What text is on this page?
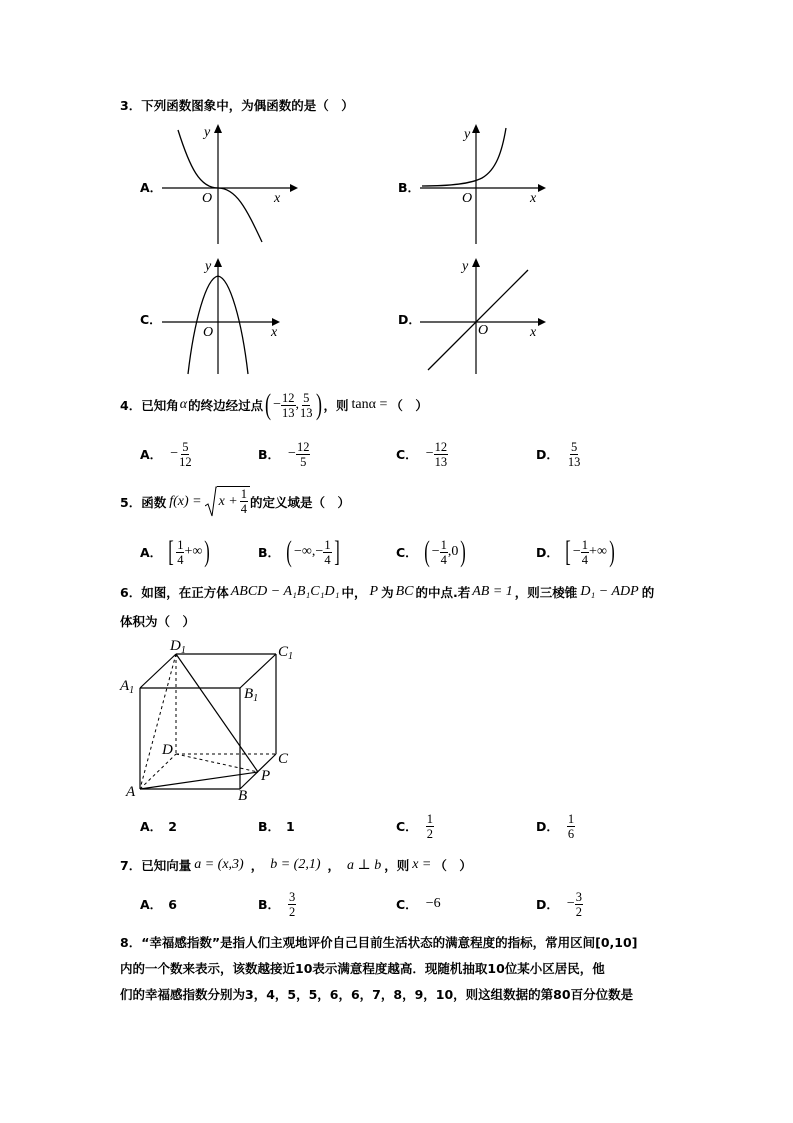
3．下列函数图象中，为偶函数的是（　）
A．
O	x
y
B．
O	x
y
C．
O	x
y
D．
O	x
y
4． 已知角 α 的终边经过点 ( − $\frac{12}{13}$ , $\frac{5}{13}$ ) ，则 tanα = （　）
A． − $\frac{5}{12}$	B． − $\frac{12}{5}$	C． − $\frac{12}{13}$	D． $\frac{5}{13}$
5． 函数 $f(x) = x + \frac{1}{4}$ 的定义域是（　）
A． [ $\frac{1}{4}$ +∞ )	B． ( −∞, − $\frac{1}{4}$ ]	C． ( − $\frac{1}{4} ,0$ )	D． [ − $\frac{1}{4}$ +∞ )
6． 如图，在正方体 ABCD − A₁B₁C₁D₁ 中， P 为 BC 的中点.若 AB = 1 ，则三棱锥 D₁ − ADP 的
体积为（　）
$D_1$	$C_1$
$A_1$	$B_1$
D
C
P
A	B
A． 2	B． 1	C． $\frac{1}{2}$	D． $\frac{1}{6}$
7． 已知向量 a = (x,3) ， b = (2,1) ， a ⊥ b ，则 x = （　）
A． 6	B． $\frac{3}{2}$	C． −6	D． − $\frac{3}{2}$
8．“幸福感指数”是指人们主观地评价自己目前生活状态的满意程度的指标，常用区间[0,10]
内的一个数来表示，该数越接近10表示满意程度越高．现随机抽取10位某小区居民，他
们的幸福感指数分别为3，4，5，5，6，6，7，8，9，10，则这组数据的第80百分位数是
